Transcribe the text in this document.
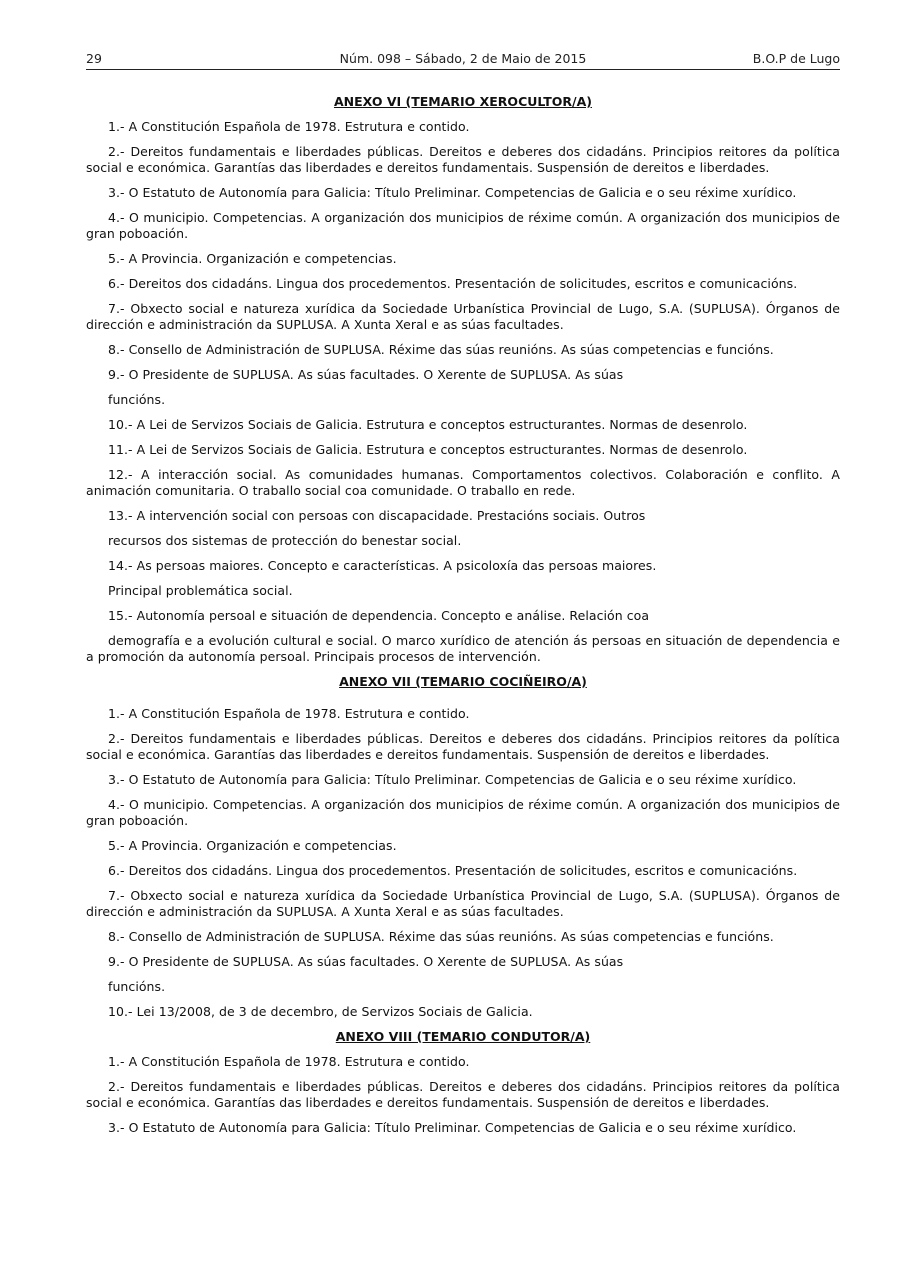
29	Núm. 098 – Sábado, 2 de Maio de 2015	B.O.P de Lugo
ANEXO VI (TEMARIO XEROCULTOR/A)

1.- A Constitución Española de 1978. Estrutura e contido.

2.- Dereitos fundamentais e liberdades públicas. Dereitos e deberes dos cidadáns. Principios reitores da política social e económica. Garantías das liberdades e dereitos fundamentais. Suspensión de dereitos e liberdades.

3.- O Estatuto de Autonomía para Galicia: Título Preliminar. Competencias de Galicia e o seu réxime xurídico.

4.- O municipio. Competencias. A organización dos municipios de réxime común. A organización dos municipios de gran poboación.

5.- A Provincia. Organización e competencias.

6.- Dereitos dos cidadáns. Lingua dos procedementos. Presentación de solicitudes, escritos e comunicacións.

7.- Obxecto social e natureza xurídica da Sociedade Urbanística Provincial de Lugo, S.A. (SUPLUSA). Órganos de dirección e administración da SUPLUSA. A Xunta Xeral e as súas facultades.

8.- Consello de Administración de SUPLUSA. Réxime das súas reunións. As súas competencias e funcións.

9.- O Presidente de SUPLUSA. As súas facultades. O Xerente de SUPLUSA. As súas

funcións.

10.- A Lei de Servizos Sociais de Galicia. Estrutura e conceptos estructurantes. Normas de desenrolo.

11.- A Lei de Servizos Sociais de Galicia. Estrutura e conceptos estructurantes. Normas de desenrolo.

12.- A interacción social. As comunidades humanas. Comportamentos colectivos. Colaboración e conflito. A animación comunitaria. O traballo social coa comunidade. O traballo en rede.

13.- A intervención social con persoas con discapacidade. Prestacións sociais. Outros

recursos dos sistemas de protección do benestar social.

14.- As persoas maiores. Concepto e características. A psicoloxía das persoas maiores.

Principal problemática social.

15.- Autonomía persoal e situación de dependencia. Concepto e análise. Relación coa

demografía e a evolución cultural e social. O marco xurídico de atención ás persoas en situación de dependencia e a promoción da autonomía persoal. Principais procesos de intervención.

ANEXO VII (TEMARIO COCIÑEIRO/A)

1.- A Constitución Española de 1978. Estrutura e contido.

2.- Dereitos fundamentais e liberdades públicas. Dereitos e deberes dos cidadáns. Principios reitores da política social e económica. Garantías das liberdades e dereitos fundamentais. Suspensión de dereitos e liberdades.

3.- O Estatuto de Autonomía para Galicia: Título Preliminar. Competencias de Galicia e o seu réxime xurídico.

4.- O municipio. Competencias. A organización dos municipios de réxime común. A organización dos municipios de gran poboación.

5.- A Provincia. Organización e competencias.

6.- Dereitos dos cidadáns. Lingua dos procedementos. Presentación de solicitudes, escritos e comunicacións.

7.- Obxecto social e natureza xurídica da Sociedade Urbanística Provincial de Lugo, S.A. (SUPLUSA). Órganos de dirección e administración da SUPLUSA. A Xunta Xeral e as súas facultades.

8.- Consello de Administración de SUPLUSA. Réxime das súas reunións. As súas competencias e funcións.

9.- O Presidente de SUPLUSA. As súas facultades. O Xerente de SUPLUSA. As súas

funcións.

10.- Lei 13/2008, de 3 de decembro, de Servizos Sociais de Galicia.

ANEXO VIII (TEMARIO CONDUTOR/A)

1.- A Constitución Española de 1978. Estrutura e contido.

2.- Dereitos fundamentais e liberdades públicas. Dereitos e deberes dos cidadáns. Principios reitores da política social e económica. Garantías das liberdades e dereitos fundamentais. Suspensión de dereitos e liberdades.

3.- O Estatuto de Autonomía para Galicia: Título Preliminar. Competencias de Galicia e o seu réxime xurídico.
